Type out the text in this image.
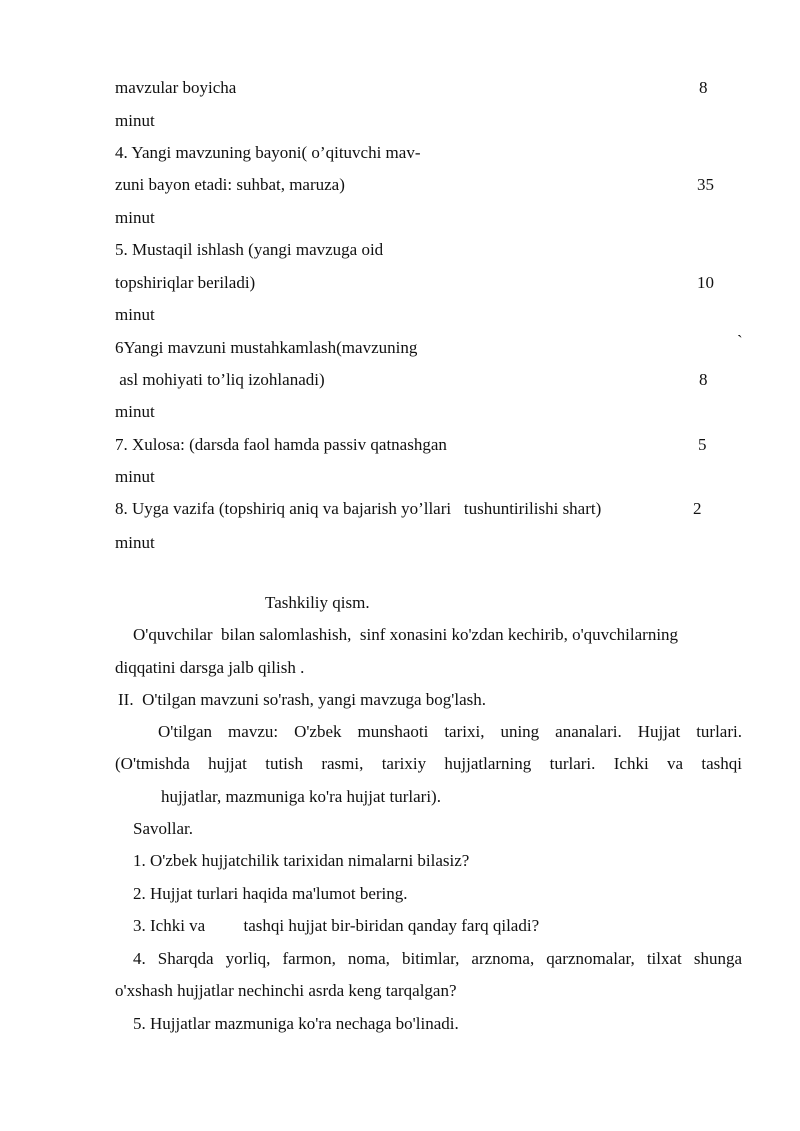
mavzular boyicha	8
minut
4. Yangi mavzuning bayoni( o’qituvchi mav-
zuni bayon etadi: suhbat, maruza)	35
minut
5. Mustaqil ishlash (yangi mavzuga oid
topshiriqlar beriladi)	10
minut
6Yangi mavzuni mustahkamlash(mavzuning	`
asl mohiyati to’liq izohlanadi)	8
minut
7. Xulosa: (darsda faol hamda passiv qatnashgan	5
minut
8. Uyga vazifa (topshiriq aniq va bajarish yo’llari   tushuntirilishi shart)	2
minut
Tashkiliy qism.
O'quvchilar  bilan salomlashish,  sinf xonasini ko'zdan kechirib, o'quvchilarning
diqqatini darsga jalb qilish .
II.  O'tilgan mavzuni so'rash, yangi mavzuga bog'lash.
O'tilgan mavzu: O'zbek munshaoti tarixi, uning ananalari. Hujjat turlari.
(O'tmishda hujjat tutish rasmi, tarixiy hujjatlarning turlari. Ichki va tashqi
hujjatlar, mazmuniga ko'ra hujjat turlari).
Savollar.
1. O'zbek hujjatchilik tarixidan nimalarni bilasiz?
2. Hujjat turlari haqida ma'lumot bering.
3. Ichki va         tashqi hujjat bir-biridan qanday farq qiladi?
4. Sharqda yorliq, farmon, noma, bitimlar, arznoma, qarznomalar, tilxat shunga
o'xshash hujjatlar nechinchi asrda keng tarqalgan?
5. Hujjatlar mazmuniga ko'ra nechaga bo'linadi.
